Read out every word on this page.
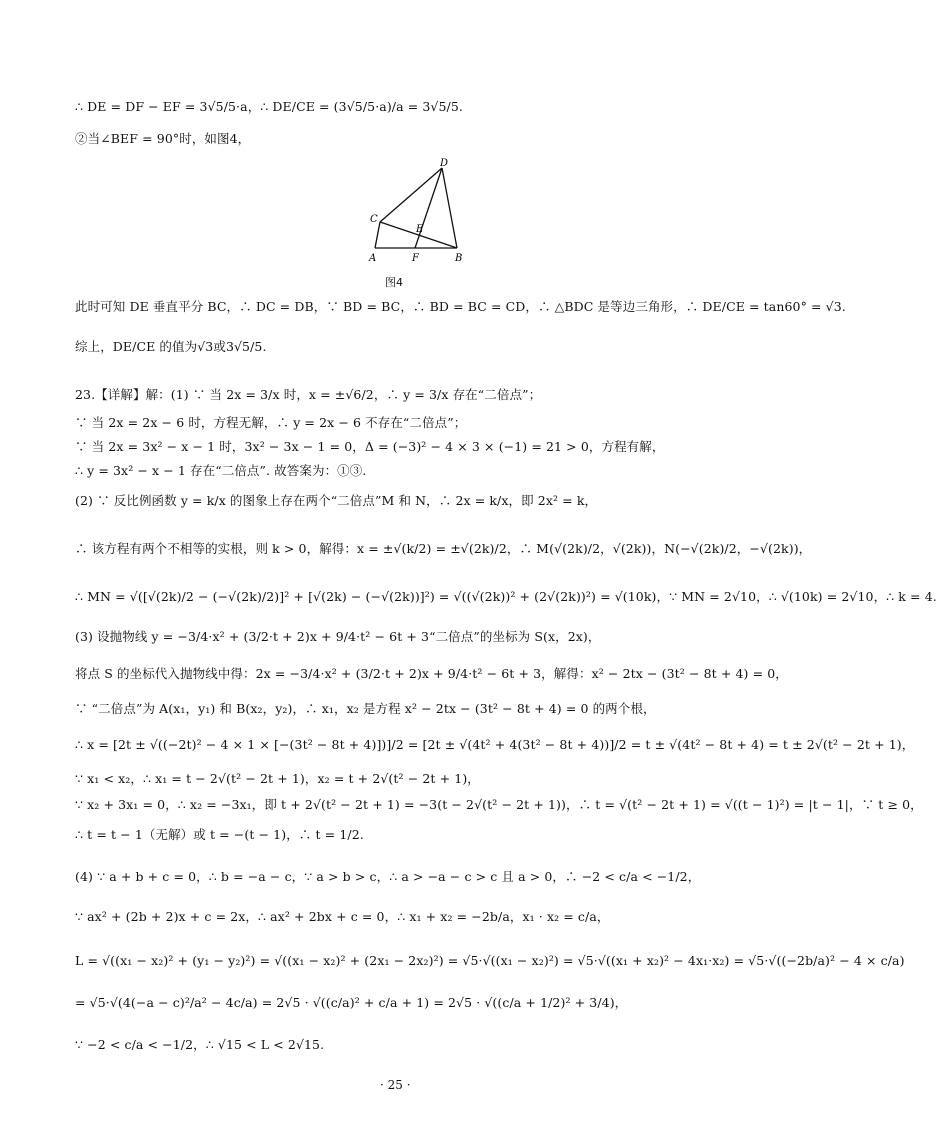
∴ DE = DF − EF = 3√5/5·a，∴ DE/CE = (3√5/5·a)/a = 3√5/5.
②当∠BEF = 90°时，如图4，
D
C
E
A	F	B
图4
此时可知 DE 垂直平分 BC，∴ DC = DB，∵ BD = BC，∴ BD = BC = CD，∴ △BDC 是等边三角形，∴ DE/CE = tan60° = √3.
综上，DE/CE 的值为√3或3√5/5.
23.【详解】解：(1) ∵ 当 2x = 3/x 时，x = ±√6/2，∴ y = 3/x 存在“二倍点”；
∵ 当 2x = 2x − 6 时，方程无解，∴ y = 2x − 6 不存在“二倍点”；
∵ 当 2x = 3x² − x − 1 时，3x² − 3x − 1 = 0，Δ = (−3)² − 4 × 3 × (−1) = 21 > 0，方程有解，
∴ y = 3x² − x − 1 存在“二倍点”. 故答案为：①③.
(2) ∵ 反比例函数 y = k/x 的图象上存在两个“二倍点”M 和 N，∴ 2x = k/x，即 2x² = k，
∴ 该方程有两个不相等的实根，则 k > 0，解得：x = ±√(k/2) = ±√(2k)/2，∴ M(√(2k)/2，√(2k))，N(−√(2k)/2，−√(2k))，
∴ MN = √([√(2k)/2 − (−√(2k)/2)]² + [√(2k) − (−√(2k))]²) = √((√(2k))² + (2√(2k))²) = √(10k)，∵ MN = 2√10，∴ √(10k) = 2√10，∴ k = 4.
(3) 设抛物线 y = −3/4·x² + (3/2·t + 2)x + 9/4·t² − 6t + 3“二倍点”的坐标为 S(x，2x)，
将点 S 的坐标代入抛物线中得：2x = −3/4·x² + (3/2·t + 2)x + 9/4·t² − 6t + 3，解得：x² − 2tx − (3t² − 8t + 4) = 0，
∵ “二倍点”为 A(x₁，y₁) 和 B(x₂，y₂)，∴ x₁，x₂ 是方程 x² − 2tx − (3t² − 8t + 4) = 0 的两个根，
∴ x = [2t ± √((−2t)² − 4 × 1 × [−(3t² − 8t + 4)])]/2 = [2t ± √(4t² + 4(3t² − 8t + 4))]/2 = t ± √(4t² − 8t + 4) = t ± 2√(t² − 2t + 1)，
∵ x₁ < x₂，∴ x₁ = t − 2√(t² − 2t + 1)，x₂ = t + 2√(t² − 2t + 1)，
∵ x₂ + 3x₁ = 0，∴ x₂ = −3x₁，即 t + 2√(t² − 2t + 1) = −3(t − 2√(t² − 2t + 1))，∴ t = √(t² − 2t + 1) = √((t − 1)²) = |t − 1|，∵ t ≥ 0，
∴ t = t − 1（无解）或 t = −(t − 1)，∴ t = 1/2.
(4) ∵ a + b + c = 0，∴ b = −a − c，∵ a > b > c，∴ a > −a − c > c 且 a > 0，∴ −2 < c/a < −1/2，
∵ ax² + (2b + 2)x + c = 2x，∴ ax² + 2bx + c = 0，∴ x₁ + x₂ = −2b/a，x₁ · x₂ = c/a，
L = √((x₁ − x₂)² + (y₁ − y₂)²) = √((x₁ − x₂)² + (2x₁ − 2x₂)²) = √5·√((x₁ − x₂)²) = √5·√((x₁ + x₂)² − 4x₁·x₂) = √5·√((−2b/a)² − 4 × c/a)
= √5·√(4(−a − c)²/a² − 4c/a) = 2√5 · √((c/a)² + c/a + 1) = 2√5 · √((c/a + 1/2)² + 3/4)，
∵ −2 < c/a < −1/2，∴ √15 < L < 2√15.
· 25 ·
